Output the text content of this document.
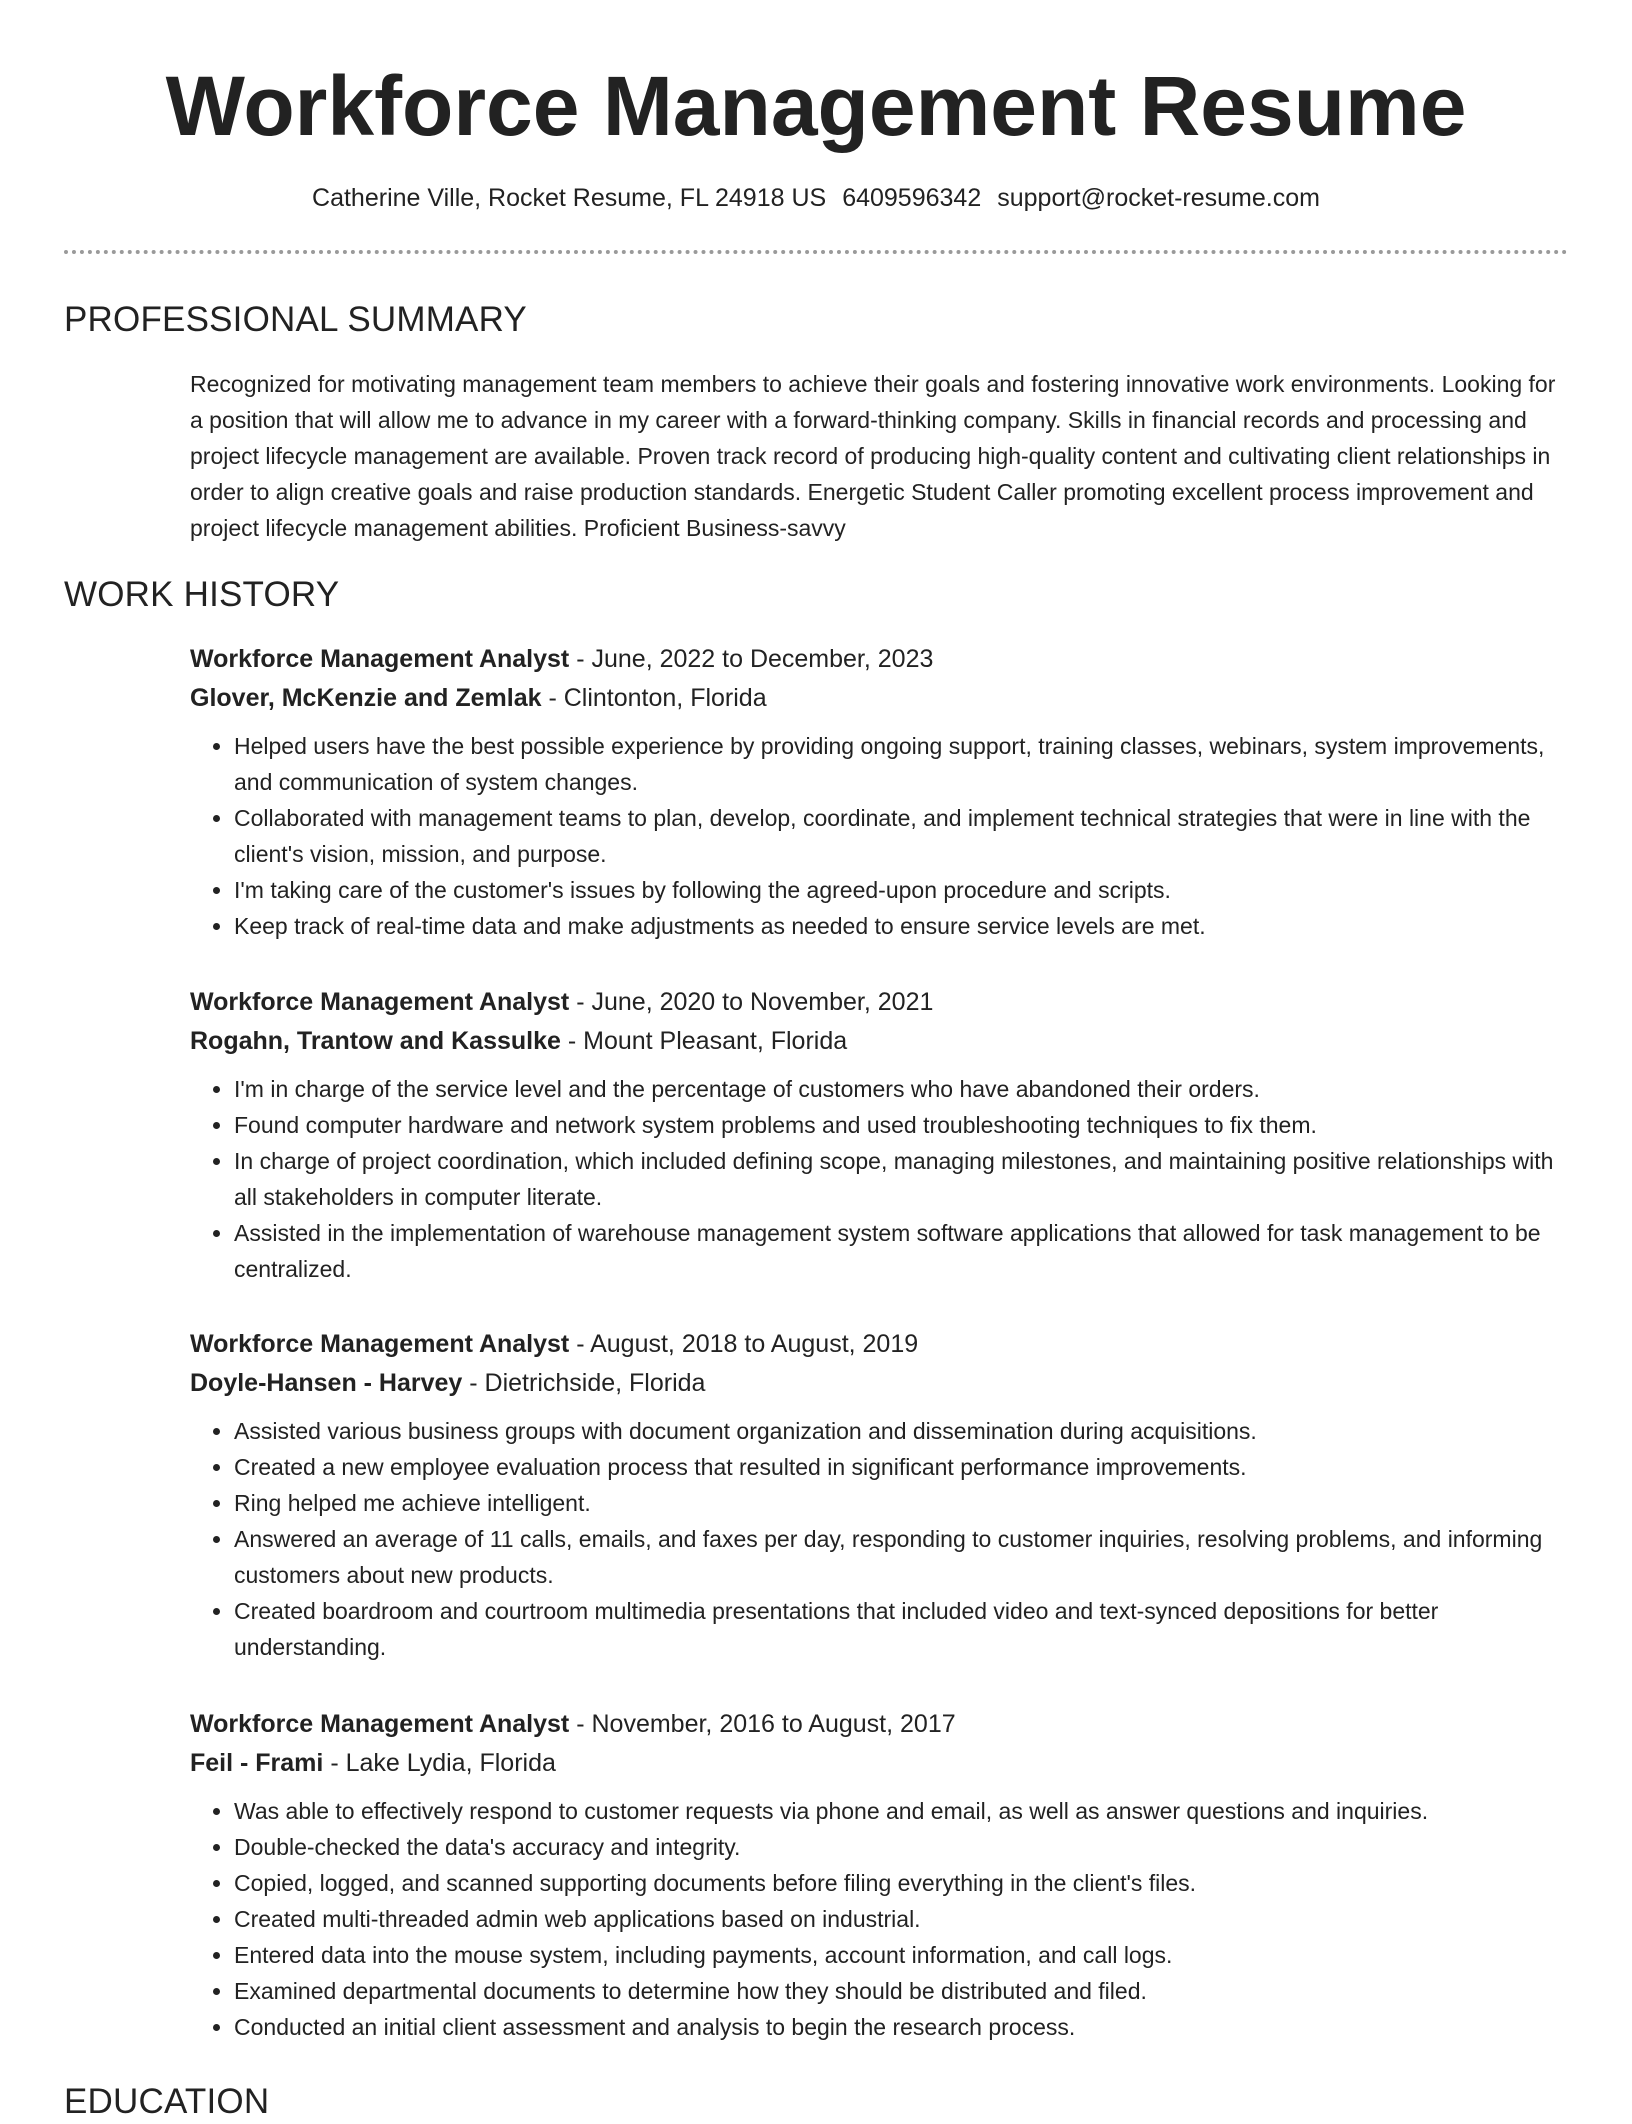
Workforce Management Resume
Catherine Ville, Rocket Resume, FL 24918 US 6409596342 support@rocket-resume.com
PROFESSIONAL SUMMARY
Recognized for motivating management team members to achieve their goals and fostering innovative work environments. Looking for a position that will allow me to advance in my career with a forward-thinking company. Skills in financial records and processing and project lifecycle management are available. Proven track record of producing high-quality content and cultivating client relationships in order to align creative goals and raise production standards. Energetic Student Caller promoting excellent process improvement and project lifecycle management abilities. Proficient Business-savvy
WORK HISTORY
Workforce Management Analyst - June, 2022 to December, 2023
Glover, McKenzie and Zemlak - Clintonton, Florida
• Helped users have the best possible experience by providing ongoing support, training classes, webinars, system improvements, and communication of system changes.
• Collaborated with management teams to plan, develop, coordinate, and implement technical strategies that were in line with the client's vision, mission, and purpose.
• I'm taking care of the customer's issues by following the agreed-upon procedure and scripts.
• Keep track of real-time data and make adjustments as needed to ensure service levels are met.
Workforce Management Analyst - June, 2020 to November, 2021
Rogahn, Trantow and Kassulke - Mount Pleasant, Florida
• I'm in charge of the service level and the percentage of customers who have abandoned their orders.
• Found computer hardware and network system problems and used troubleshooting techniques to fix them.
• In charge of project coordination, which included defining scope, managing milestones, and maintaining positive relationships with all stakeholders in computer literate.
• Assisted in the implementation of warehouse management system software applications that allowed for task management to be centralized.
Workforce Management Analyst - August, 2018 to August, 2019
Doyle-Hansen - Harvey - Dietrichside, Florida
• Assisted various business groups with document organization and dissemination during acquisitions.
• Created a new employee evaluation process that resulted in significant performance improvements.
• Ring helped me achieve intelligent.
• Answered an average of 11 calls, emails, and faxes per day, responding to customer inquiries, resolving problems, and informing customers about new products.
• Created boardroom and courtroom multimedia presentations that included video and text-synced depositions for better understanding.
Workforce Management Analyst - November, 2016 to August, 2017
Feil - Frami - Lake Lydia, Florida
• Was able to effectively respond to customer requests via phone and email, as well as answer questions and inquiries.
• Double-checked the data's accuracy and integrity.
• Copied, logged, and scanned supporting documents before filing everything in the client's files.
• Created multi-threaded admin web applications based on industrial.
• Entered data into the mouse system, including payments, account information, and call logs.
• Examined departmental documents to determine how they should be distributed and filed.
• Conducted an initial client assessment and analysis to begin the research process.
EDUCATION
